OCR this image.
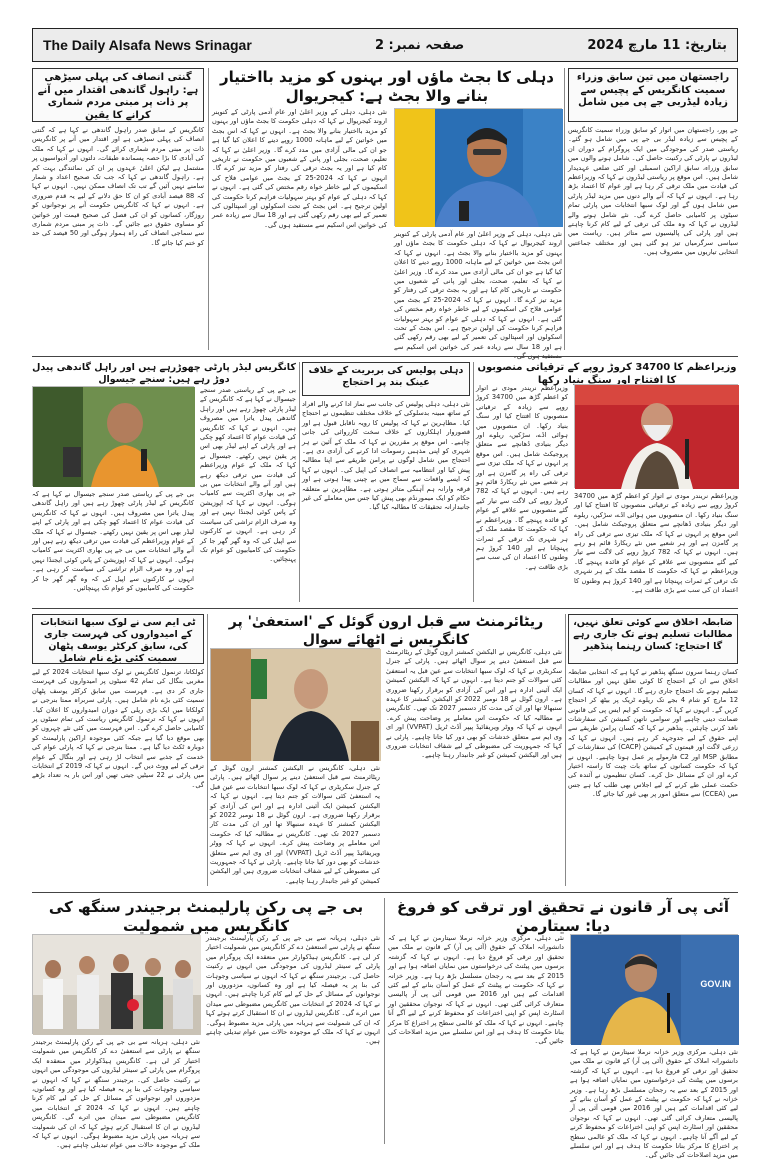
The Daily Alsafa News Srinagar	صفحہ نمبر: 2	بتاریخ: 11 مارچ 2024
راجستھان میں تین سابق وزراء سمیت کانگریس کے پچیس سے زیادہ لیڈربی جے پی میں شامل
جے پور، راجستھان میں اتوار کو سابق وزراء سمیت کانگریس کے پچیس سے زیادہ لیڈر بی جے پی میں شامل ہو گئے۔ ریاستی صدر کی موجودگی میں ایک پروگرام کے دوران ان لیڈروں نے پارٹی کی رکنیت حاصل کی۔ شامل ہونے والوں میں سابق وزراء، سابق اراکین اسمبلی اور کئی ضلعی عہدیدار شامل ہیں۔ اس موقع پر ریاستی لیڈروں نے کہا کہ وزیراعظم کی قیادت میں ملک ترقی کر رہا ہے اور عوام کا اعتماد بڑھ رہا ہے۔ انہوں نے کہا کہ آنے والے دنوں میں مزید لیڈر پارٹی میں شامل ہوں گے اور لوک سبھا انتخابات میں پارٹی تمام سیٹوں پر کامیابی حاصل کرے گی۔ نئے شامل ہونے والے لیڈروں نے کہا کہ وہ ملک کی ترقی کے لیے کام کرنا چاہتے ہیں اور پارٹی کی پالیسیوں سے متاثر ہیں۔ ریاست میں سیاسی سرگرمیاں تیز ہو گئی ہیں اور مختلف جماعتیں انتخابی تیاریوں میں مصروف ہیں۔
دہلی کا بجٹ ماؤں اور بہنوں کو مزید بااختیار بنانے والا بجٹ ہے: کیجریوال
نئی دہلی، دہلی کے وزیر اعلیٰ اور عام آدمی پارٹی کے کنوینر اروند کیجریوال نے کہا کہ دہلی حکومت کا بجٹ ماؤں اور بہنوں کو مزید بااختیار بنانے والا بجٹ ہے۔ انہوں نے کہا کہ اس بجٹ میں خواتین کے لیے ماہانہ 1000 روپے دینے کا اعلان کیا گیا ہے جو ان کی مالی آزادی میں مدد کرے گا۔ وزیر اعلیٰ نے کہا کہ تعلیم، صحت، بجلی اور پانی کے شعبوں میں حکومت نے تاریخی کام کیا ہے اور یہ بجٹ ترقی کی رفتار کو مزید تیز کرے گا۔ انہوں نے کہا کہ 2024-25 کے بجٹ میں عوامی فلاح کی اسکیموں کے لیے خاطر خواہ رقم مختص کی گئی ہے۔ انہوں نے کہا کہ دہلی کے عوام کو بہتر سہولیات فراہم کرنا حکومت کی اولین ترجیح ہے۔ اس بجٹ کے تحت اسکولوں اور اسپتالوں کی تعمیر کے لیے بھی رقم رکھی گئی ہے اور 18 سال سے زیادہ عمر کی خواتین اس اسکیم سے
نئی دہلی، دہلی کے وزیر اعلیٰ اور عام آدمی پارٹی کے کنوینر اروند کیجریوال نے کہا کہ دہلی حکومت کا بجٹ ماؤں اور بہنوں کو مزید بااختیار بنانے والا بجٹ ہے۔ انہوں نے کہا کہ اس بجٹ میں خواتین کے لیے ماہانہ 1000 روپے دینے کا اعلان کیا گیا ہے جو ان کی مالی آزادی میں مدد کرے گا۔ وزیر اعلیٰ نے کہا کہ تعلیم، صحت، بجلی اور پانی کے شعبوں میں حکومت نے تاریخی کام کیا ہے اور یہ بجٹ ترقی کی رفتار کو مزید تیز کرے گا۔ انہوں نے کہا کہ 2024-25 کے بجٹ میں عوامی فلاح کی اسکیموں کے لیے خاطر خواہ رقم مختص کی گئی ہے۔ انہوں نے کہا کہ دہلی کے عوام کو بہتر سہولیات فراہم کرنا حکومت کی اولین ترجیح ہے۔ اس بجٹ کے تحت اسکولوں اور اسپتالوں کی تعمیر کے لیے بھی رقم رکھی گئی ہے اور 18 سال سے زیادہ عمر کی خواتین اس اسکیم سے مستفید ہوں گی۔
گنتی انصاف کی پہلی سیڑھی ہے: راہول گاندھی اقتدار میں آنے پر ذات پر مبنی مردم شماری کرانے کا یقین
کانگریس کے سابق صدر راہول گاندھی نے کہا ہے کہ گنتی انصاف کی پہلی سیڑھی ہے اور اقتدار میں آنے پر کانگریس ذات پر مبنی مردم شماری کرائے گی۔ انہوں نے کہا کہ ملک کی آبادی کا بڑا حصہ پسماندہ طبقات، دلتوں اور آدیواسیوں پر مشتمل ہے لیکن اعلیٰ عہدوں پر ان کی نمائندگی بہت کم ہے۔ راہول گاندھی نے کہا کہ جب تک صحیح اعداد و شمار سامنے نہیں آئیں گے تب تک انصاف ممکن نہیں۔ انہوں نے کہا کہ 88 فیصد آبادی کو ان کا حق دلانے کے لیے یہ قدم ضروری ہے۔ انہوں نے کہا کہ کانگریس حکومت آنے پر نوجوانوں کو روزگار، کسانوں کو ان کی فصل کی صحیح قیمت اور خواتین کو مساوی حقوق دیے جائیں گے۔ ذات پر مبنی مردم شماری سے سماجی انصاف کی راہ ہموار ہوگی اور 50 فیصد کی حد کو ختم کیا جائے گا۔
وزیراعظم کا 34700 کروڑ روپے کے ترقیاتی منصوبوں کا افتتاح اور سنگ بنیاد رکھا
وزیراعظم نریندر مودی نے اتوار کو اعظم گڑھ میں 34700 کروڑ روپے سے زیادہ کے ترقیاتی منصوبوں کا افتتاح کیا اور سنگ بنیاد رکھا۔ ان منصوبوں میں ہوائی اڈے، سڑکیں، ریلوے اور دیگر بنیادی ڈھانچے سے متعلق پروجیکٹ شامل ہیں۔ اس موقع پر انہوں نے کہا کہ ملک تیزی سے ترقی کی راہ پر گامزن ہے اور ہر شعبے میں نئے ریکارڈ قائم ہو رہے ہیں۔ انہوں نے کہا کہ 782 کروڑ روپے کی لاگت سے تیار کیے گئے منصوبوں سے علاقے کے عوام کو فائدہ پہنچے گا۔ وزیراعظم نے کہا کہ حکومت کا مقصد ملک کے ہر شہری تک ترقی کے ثمرات پہنچانا ہے اور 140 کروڑ ہم وطنوں کا اعتماد ان کی سب سے بڑی طاقت ہے۔
وزیراعظم نریندر مودی نے اتوار کو اعظم گڑھ میں 34700 کروڑ روپے سے زیادہ کے ترقیاتی منصوبوں کا افتتاح کیا اور سنگ بنیاد رکھا۔ ان منصوبوں میں ہوائی اڈے، سڑکیں، ریلوے اور دیگر بنیادی ڈھانچے سے متعلق پروجیکٹ شامل ہیں۔ اس موقع پر انہوں نے کہا کہ ملک تیزی سے ترقی کی راہ پر گامزن ہے اور ہر شعبے میں نئے ریکارڈ قائم ہو رہے ہیں۔ انہوں نے کہا کہ 782 کروڑ روپے کی لاگت سے تیار کیے گئے منصوبوں سے علاقے کے عوام کو فائدہ پہنچے گا۔ وزیراعظم نے کہا کہ حکومت کا مقصد ملک کے ہر شہری تک ترقی کے ثمرات پہنچانا ہے اور 140 کروڑ ہم وطنوں کا اعتماد ان کی سب سے بڑی طاقت ہے۔
دہلی پولیس کی بربریت کے خلاف عینک بند پر احتجاج
نئی دہلی، دہلی پولیس کی جانب سے نماز ادا کرنے والے افراد کے ساتھ مبینہ بدسلوکی کے خلاف مختلف تنظیموں نے احتجاج کیا۔ مظاہرین نے کہا کہ پولیس کا رویہ ناقابل قبول ہے اور قصوروار اہلکاروں کے خلاف سخت کارروائی کی جانی چاہیے۔ اس موقع پر مقررین نے کہا کہ ملک کے آئین نے ہر شہری کو اپنی مذہبی رسومات ادا کرنے کی آزادی دی ہے۔ احتجاج میں شامل لوگوں نے پرامن طریقے سے اپنا مطالبہ پیش کیا اور انتظامیہ سے انصاف کی اپیل کی۔ انہوں نے کہا کہ ایسے واقعات سے سماج میں بے چینی پیدا ہوتی ہے اور فرقہ وارانہ ہم آہنگی متاثر ہوتی ہے۔ مظاہرین نے متعلقہ حکام کو ایک میمورنڈم بھی پیش کیا جس میں معاملے کی غیر جانبدارانہ تحقیقات کا مطالبہ کیا گیا۔
کانگریس لیڈر پارٹی چھوڑرہے ہیں اور راہل گاندھی پیدل دوڑ رہے ہیں: سنجے جیسوال
بی جے پی کے ریاستی صدر سنجے جیسوال نے کہا ہے کہ کانگریس کے لیڈر پارٹی چھوڑ رہے ہیں اور راہل گاندھی پیدل یاترا میں مصروف ہیں۔ انہوں نے کہا کہ کانگریس کی قیادت عوام کا اعتماد کھو چکی ہے اور پارٹی کے اپنے لیڈر بھی اس پر یقین نہیں رکھتے۔ جیسوال نے کہا کہ ملک کے عوام وزیراعظم کی قیادت میں ترقی دیکھ رہے ہیں اور آنے والے انتخابات میں بی جے پی بھاری اکثریت سے کامیاب ہوگی۔ انہوں نے کہا کہ اپوزیشن کے پاس کوئی ایجنڈا نہیں ہے اور وہ صرف الزام تراشی کی سیاست کر رہی ہے۔ انہوں نے کارکنوں سے اپیل کی کہ وہ گھر گھر جا کر حکومت کی کامیابیوں کو عوام تک پہنچائیں۔
بی جے پی کے ریاستی صدر سنجے جیسوال نے کہا ہے کہ کانگریس کے لیڈر پارٹی چھوڑ رہے ہیں اور راہل گاندھی پیدل یاترا میں مصروف ہیں۔ انہوں نے کہا کہ کانگریس کی قیادت عوام کا اعتماد کھو چکی ہے اور پارٹی کے اپنے لیڈر بھی اس پر یقین نہیں رکھتے۔ جیسوال نے کہا کہ ملک کے عوام وزیراعظم کی قیادت میں ترقی دیکھ رہے ہیں اور آنے والے انتخابات میں بی جے پی بھاری اکثریت سے کامیاب ہوگی۔ انہوں نے کہا کہ اپوزیشن کے پاس کوئی ایجنڈا نہیں ہے اور وہ صرف الزام تراشی کی سیاست کر رہی ہے۔ انہوں نے کارکنوں سے اپیل کی کہ وہ گھر گھر جا کر حکومت کی کامیابیوں کو عوام تک پہنچائیں۔
ضابطہ اخلاق سے کوئی تعلق نہیں، مطالبات تسلیم ہونے تک جاری رہے گا احتجاج: کسان رہنما پنڈھیر
کسان رہنما سرون سنگھ پنڈھیر نے کہا ہے کہ انتخابی ضابطہ اخلاق سے ان کے احتجاج کا کوئی تعلق نہیں اور مطالبات تسلیم ہونے تک احتجاج جاری رہے گا۔ انہوں نے کہا کہ کسان 12 مارچ کو شام 4 بجے تک ریلوے ٹریک پر بیٹھ کر احتجاج کریں گے۔ انہوں نے کہا کہ حکومت کو ایم ایس پی کی قانونی ضمانت دینی چاہیے اور سوامی ناتھن کمیشن کی سفارشات نافذ کرنی چاہئیں۔ پنڈھیر نے کہا کہ کسان پرامن طریقے سے اپنے حقوق کے لیے جدوجہد کر رہے ہیں۔ انہوں نے کہا کہ زرعی لاگت اور قیمتوں کے کمیشن (CACP) کی سفارشات کے مطابق MSP اور C2 فارمولے پر عمل ہونا چاہیے۔ انہوں نے کہا کہ حکومت کسانوں کے ساتھ بات چیت کا راستہ اختیار کرے اور ان کے مسائل حل کرے۔ کسان تنظیموں نے آئندہ کی حکمت عملی طے کرنے کے لیے اجلاس بھی طلب کیا ہے جس میں (CCEA) سے متعلق امور پر بھی غور کیا جائے گا۔
ریٹائرمنٹ سے قبل ارون گوئل کے 'استعفیٰ' پر کانگریس نے اٹھائے سوال
نئی دہلی، کانگریس نے الیکشن کمشنر ارون گوئل کے ریٹائرمنٹ سے قبل استعفیٰ دینے پر سوال اٹھائے ہیں۔ پارٹی کے جنرل سکریٹری نے کہا کہ لوک سبھا انتخابات سے عین قبل یہ استعفیٰ کئی سوالات کو جنم دیتا ہے۔ انہوں نے کہا کہ الیکشن کمیشن ایک آئینی ادارہ ہے اور اس کی آزادی کو برقرار رکھنا ضروری ہے۔ ارون گوئل نے 18 نومبر 2022 کو الیکشن کمشنر کا عہدہ سنبھالا تھا اور ان کی مدت کار دسمبر 2027 تک تھی۔ کانگریس نے مطالبہ کیا کہ حکومت اس معاملے پر وضاحت پیش کرے۔ انہوں نے کہا کہ ووٹر ویریفائیڈ پیپر آڈٹ ٹریل (VVPAT) اور ای وی ایم سے متعلق خدشات کو بھی دور کیا جانا چاہیے۔ پارٹی نے کہا کہ جمہوریت کی مضبوطی کے لیے شفاف انتخابات ضروری ہیں اور الیکشن کمیشن کو غیر جانبدار رہنا چاہیے۔
نئی دہلی، کانگریس نے الیکشن کمشنر ارون گوئل کے ریٹائرمنٹ سے قبل استعفیٰ دینے پر سوال اٹھائے ہیں۔ پارٹی کے جنرل سکریٹری نے کہا کہ لوک سبھا انتخابات سے عین قبل یہ استعفیٰ کئی سوالات کو جنم دیتا ہے۔ انہوں نے کہا کہ الیکشن کمیشن ایک آئینی ادارہ ہے اور اس کی آزادی کو برقرار رکھنا ضروری ہے۔ ارون گوئل نے 18 نومبر 2022 کو الیکشن کمشنر کا عہدہ سنبھالا تھا اور ان کی مدت کار دسمبر 2027 تک تھی۔ کانگریس نے مطالبہ کیا کہ حکومت اس معاملے پر وضاحت پیش کرے۔ انہوں نے کہا کہ ووٹر ویریفائیڈ پیپر آڈٹ ٹریل (VVPAT) اور ای وی ایم سے متعلق خدشات کو بھی دور کیا جانا چاہیے۔ پارٹی نے کہا کہ جمہوریت کی مضبوطی کے لیے شفاف انتخابات ضروری ہیں اور الیکشن کمیشن کو غیر جانبدار رہنا چاہیے۔
ٹی ایم سی نے لوک سبھا انتخابات کے امیدواروں کی فہرست جاری کی، سابق کرکٹر یوسف پٹھان سمیت کئی بڑے نام شامل
کولکاتا، ترنمول کانگریس نے لوک سبھا انتخابات 2024 کے لیے مغربی بنگال کی تمام 42 سیٹوں پر امیدواروں کی فہرست جاری کر دی ہے۔ فہرست میں سابق کرکٹر یوسف پٹھان سمیت کئی بڑے نام شامل ہیں۔ پارٹی سربراہ ممتا بنرجی نے کولکاتا میں ایک بڑی ریلی کے دوران امیدواروں کا اعلان کیا۔ انہوں نے کہا کہ ترنمول کانگریس ریاست کی تمام سیٹوں پر کامیابی حاصل کرے گی۔ اس فہرست میں کئی نئے چہروں کو بھی موقع دیا گیا ہے جبکہ کئی موجودہ اراکین پارلیمنٹ کو دوبارہ ٹکٹ دیا گیا ہے۔ ممتا بنرجی نے کہا کہ پارٹی عوام کی خدمت کے جذبے سے انتخاب لڑ رہی ہے اور بنگال کے عوام ترقی کے لیے ووٹ دیں گے۔ انہوں نے کہا کہ 2019 کے انتخابات میں پارٹی نے 22 سیٹیں جیتی تھیں اور اس بار یہ تعداد بڑھے گی۔
بی جے پی رکن پارلیمنٹ برجیندر سنگھ کی کانگریس میں شمولیت
نئی دہلی، ہریانہ سے بی جے پی کے رکن پارلیمنٹ برجیندر سنگھ نے پارٹی سے استعفیٰ دے کر کانگریس میں شمولیت اختیار کر لی ہے۔ کانگریس ہیڈکوارٹر میں منعقدہ ایک پروگرام میں پارٹی کے سینئر لیڈروں کی موجودگی میں انہوں نے رکنیت حاصل کی۔ برجیندر سنگھ نے کہا کہ انہوں نے سیاسی وجوہات کی بنا پر یہ فیصلہ کیا ہے اور وہ کسانوں، مزدوروں اور نوجوانوں کے مسائل کے حل کے لیے کام کرنا چاہتے ہیں۔ انہوں نے کہا کہ 2024 کے انتخابات میں کانگریس مضبوطی سے میدان میں اترے گی۔ کانگریس لیڈروں نے ان کا استقبال کرتے ہوئے کہا کہ ان کی شمولیت سے ہریانہ میں پارٹی مزید مضبوط ہوگی۔ انہوں نے کہا کہ ملک کے موجودہ حالات میں عوام تبدیلی چاہتے ہیں۔
نئی دہلی، ہریانہ سے بی جے پی کے رکن پارلیمنٹ برجیندر سنگھ نے پارٹی سے استعفیٰ دے کر کانگریس میں شمولیت اختیار کر لی ہے۔ کانگریس ہیڈکوارٹر میں منعقدہ ایک پروگرام میں پارٹی کے سینئر لیڈروں کی موجودگی میں انہوں نے رکنیت حاصل کی۔ برجیندر سنگھ نے کہا کہ انہوں نے سیاسی وجوہات کی بنا پر یہ فیصلہ کیا ہے اور وہ کسانوں، مزدوروں اور نوجوانوں کے مسائل کے حل کے لیے کام کرنا چاہتے ہیں۔ انہوں نے کہا کہ 2024 کے انتخابات میں کانگریس مضبوطی سے میدان میں اترے گی۔ کانگریس لیڈروں نے ان کا استقبال کرتے ہوئے کہا کہ ان کی شمولیت سے ہریانہ میں پارٹی مزید مضبوط ہوگی۔ انہوں نے کہا کہ ملک کے موجودہ حالات میں عوام تبدیلی چاہتے ہیں۔
آئی پی آر قانون نے تحقیق اور ترقی کو فروغ دیا: سیتارمن
GOV.IN
نئی دہلی، مرکزی وزیر خزانہ نرملا سیتارمن نے کہا ہے کہ دانشورانہ املاک کے حقوق (آئی پی آر) کے قانون نے ملک میں تحقیق اور ترقی کو فروغ دیا ہے۔ انہوں نے کہا کہ گزشتہ برسوں میں پیٹنٹ کی درخواستوں میں نمایاں اضافہ ہوا ہے اور 2015 کے بعد سے یہ رجحان مسلسل بڑھ رہا ہے۔ وزیر خزانہ نے کہا کہ حکومت نے پیٹنٹ کے عمل کو آسان بنانے کے لیے کئی اقدامات کیے ہیں اور 2016 میں قومی آئی پی آر پالیسی متعارف کرائی گئی تھی۔ انہوں نے کہا کہ نوجوان محققین اور اسٹارٹ اپس کو اپنی اختراعات کو محفوظ کرنے کے لیے آگے آنا چاہیے۔ انہوں نے کہا کہ ملک کو عالمی سطح پر اختراع کا مرکز بنانا حکومت کا ہدف ہے اور اس سلسلے میں مزید اصلاحات کی جائیں گی۔
نئی دہلی، مرکزی وزیر خزانہ نرملا سیتارمن نے کہا ہے کہ دانشورانہ املاک کے حقوق (آئی پی آر) کے قانون نے ملک میں تحقیق اور ترقی کو فروغ دیا ہے۔ انہوں نے کہا کہ گزشتہ برسوں میں پیٹنٹ کی درخواستوں میں نمایاں اضافہ ہوا ہے اور 2015 کے بعد سے یہ رجحان مسلسل بڑھ رہا ہے۔ وزیر خزانہ نے کہا کہ حکومت نے پیٹنٹ کے عمل کو آسان بنانے کے لیے کئی اقدامات کیے ہیں اور 2016 میں قومی آئی پی آر پالیسی متعارف کرائی گئی تھی۔ انہوں نے کہا کہ نوجوان محققین اور اسٹارٹ اپس کو اپنی اختراعات کو محفوظ کرنے کے لیے آگے آنا چاہیے۔ انہوں نے کہا کہ ملک کو عالمی سطح پر اختراع کا مرکز بنانا حکومت کا ہدف ہے اور اس سلسلے میں مزید اصلاحات کی جائیں گی۔
